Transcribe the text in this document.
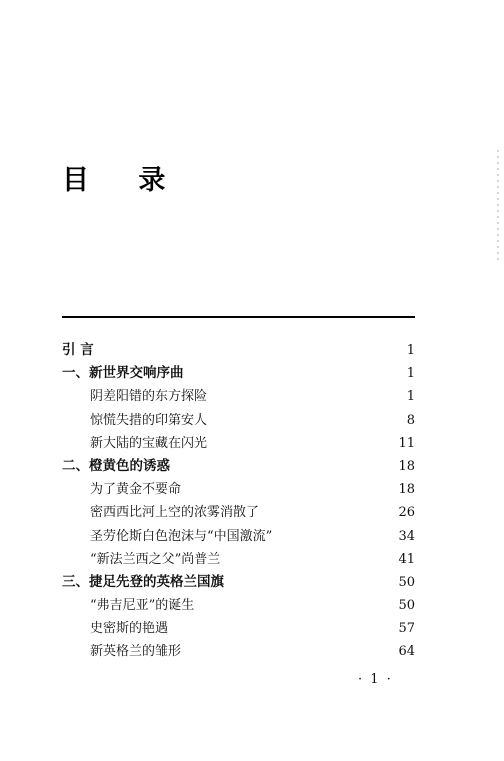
目 录
引 言	1
一、新世界交响序曲	1
阴差阳错的东方探险	1
惊慌失措的印第安人	8
新大陆的宝藏在闪光	11
二、橙黄色的诱惑	18
为了黄金不要命	18
密西西比河上空的浓雾消散了	26
圣劳伦斯白色泡沫与“中国激流”	34
“新法兰西之父”尚普兰	41
三、捷足先登的英格兰国旗	50
“弗吉尼亚”的诞生	50
史密斯的艳遇	57
新英格兰的雏形	64
· 1 ·
